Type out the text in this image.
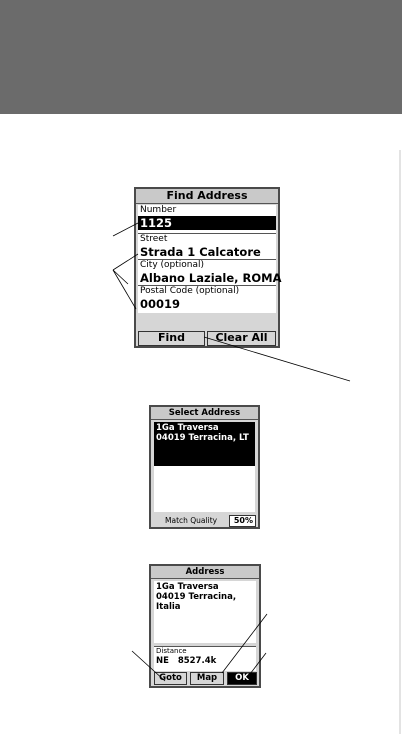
Find Address
Number
1125
Street
Strada 1 Calcatore
City (optional)
Albano Laziale, ROMA
Postal Code (optional)
00019
Find	Clear All
Select Address
1Ga Traversa
04019 Terracina, LT
Match Quality	50%
Address
1Ga Traversa
04019 Terracina,
Italia
Distance
NE 8527.4k
Goto	Map	OK
